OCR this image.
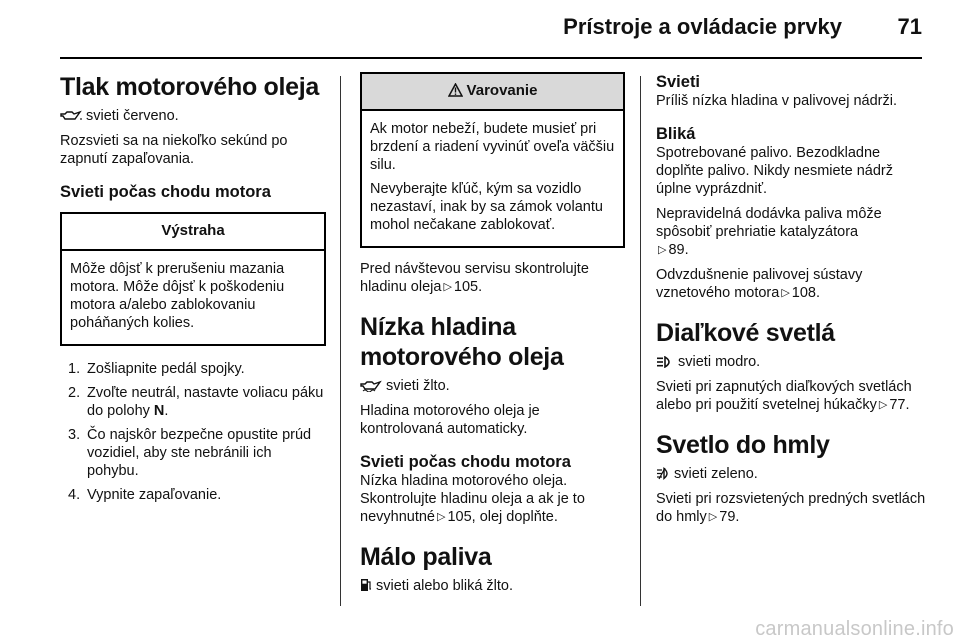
Prístroje a ovládacie prvky	71
Tlak motorového oleja

svieti červeno.

Rozsvieti sa na niekoľko sekúnd po zapnutí zapaľovania.

Svieti počas chodu motora
Výstraha

Môže dôjsť k prerušeniu mazania motora. Môže dôjsť k poškodeniu motora a/alebo zablokovaniu poháňaných kolies.

1. Zošliapnite pedál spojky.
2. Zvoľte neutrál, nastavte voliacu páku do polohy N.
3. Čo najskôr bezpečne opustite prúd vozidiel, aby ste nebránili ich pohybu.
4. Vypnite zapaľovanie.
Varovanie

Ak motor nebeží, budete musieť pri brzdení a riadení vyvinúť oveľa väčšiu silu.

Nevyberajte kľúč, kým sa vozidlo nezastaví, inak by sa zámok volantu mohol nečakane zablokovať.

Pred návštevou servisu skontrolujte hladinu oleja ▷ 105.

Nízka hladina motorového oleja

svieti žlto.

Hladina motorového oleja je kontrolovaná automaticky.

Svieti počas chodu motora

Nízka hladina motorového oleja. Skontrolujte hladinu oleja a ak je to nevyhnutné ▷ 105, olej doplňte.

Málo paliva

svieti alebo bliká žlto.

Svieti

Príliš nízka hladina v palivovej nádrži.

Bliká

Spotrebované palivo. Bezodkladne doplňte palivo. Nikdy nesmiete nádrž úplne vyprázdniť.

Nepravidelná dodávka paliva môže spôsobiť prehriatie katalyzátora
▷ 89.

Odvzdušnenie palivovej sústavy vznetového motora ▷ 108.

Diaľkové svetlá

svieti modro.

Svieti pri zapnutých diaľkových svetlách alebo pri použití svetelnej húkačky ▷ 77.

Svetlo do hmly

svieti zeleno.

Svieti pri rozsvietených predných svetlách do hmly ▷ 79.

carmanualsonline.info
